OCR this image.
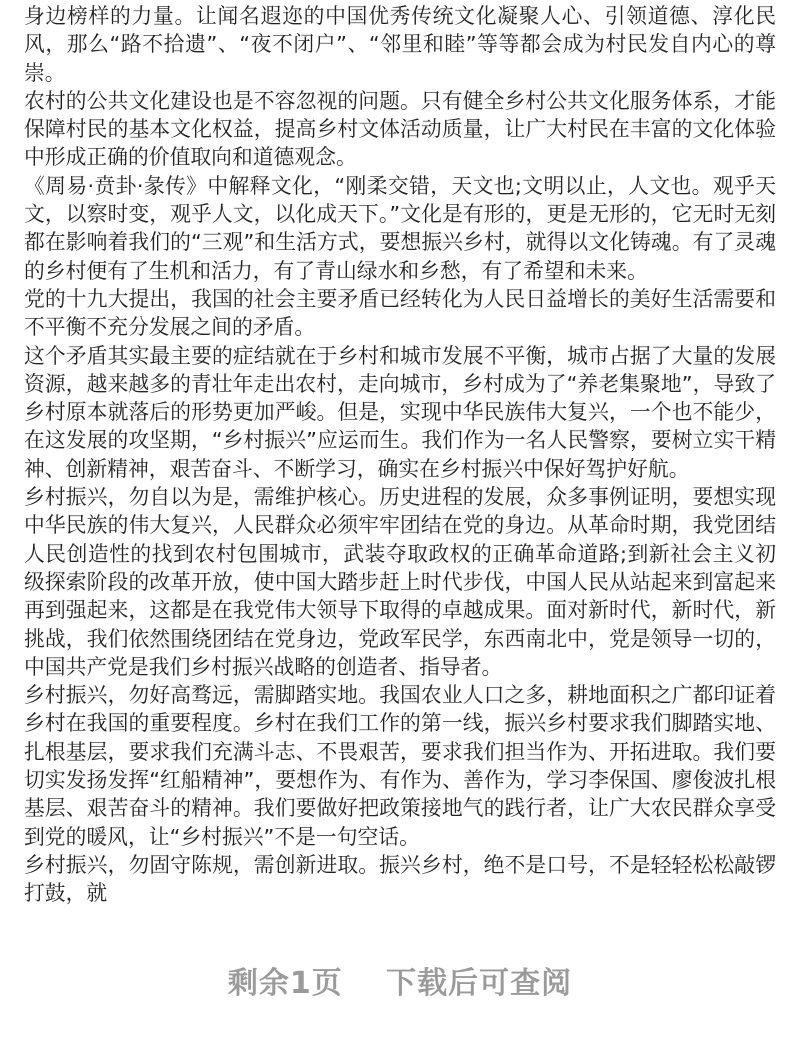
身边榜样的力量。让闻名遐迩的中国优秀传统文化凝聚人心、引领道德、淳化民风，那么“路不拾遗”、“夜不闭户”、“邻里和睦”等等都会成为村民发自内心的尊崇。

农村的公共文化建设也是不容忽视的问题。只有健全乡村公共文化服务体系，才能保障村民的基本文化权益，提高乡村文体活动质量，让广大村民在丰富的文化体验中形成正确的价值取向和道德观念。

《周易·贲卦·彖传》中解释文化，“刚柔交错，天文也;文明以止，人文也。观乎天文，以察时变，观乎人文，以化成天下。”文化是有形的，更是无形的，它无时无刻都在影响着我们的“三观”和生活方式，要想振兴乡村，就得以文化铸魂。有了灵魂的乡村便有了生机和活力，有了青山绿水和乡愁，有了希望和未来。

党的十九大提出，我国的社会主要矛盾已经转化为人民日益增长的美好生活需要和不平衡不充分发展之间的矛盾。

这个矛盾其实最主要的症结就在于乡村和城市发展不平衡，城市占据了大量的发展资源，越来越多的青壮年走出农村，走向城市，乡村成为了“养老集聚地”，导致了乡村原本就落后的形势更加严峻。但是，实现中华民族伟大复兴，一个也不能少，在这发展的攻坚期，“乡村振兴”应运而生。我们作为一名人民警察，要树立实干精神、创新精神，艰苦奋斗、不断学习，确实在乡村振兴中保好驾护好航。

乡村振兴，勿自以为是，需维护核心。历史进程的发展，众多事例证明，要想实现中华民族的伟大复兴，人民群众必须牢牢团结在党的身边。从革命时期，我党团结人民创造性的找到农村包围城市，武装夺取政权的正确革命道路;到新社会主义初级探索阶段的改革开放，使中国大踏步赶上时代步伐，中国人民从站起来到富起来再到强起来，这都是在我党伟大领导下取得的卓越成果。面对新时代，新时代，新挑战，我们依然围绕团结在党身边，党政军民学，东西南北中，党是领导一切的，中国共产党是我们乡村振兴战略的创造者、指导者。

乡村振兴，勿好高骛远，需脚踏实地。我国农业人口之多，耕地面积之广都印证着乡村在我国的重要程度。乡村在我们工作的第一线，振兴乡村要求我们脚踏实地、扎根基层，要求我们充满斗志、不畏艰苦，要求我们担当作为、开拓进取。我们要切实发扬发挥“红船精神”，要想作为、有作为、善作为，学习李保国、廖俊波扎根基层、艰苦奋斗的精神。我们要做好把政策接地气的践行者，让广大农民群众享受到党的暖风，让“乡村振兴”不是一句空话。

乡村振兴，勿固守陈规，需创新进取。振兴乡村，绝不是口号，不是轻轻松松敲锣打鼓，就

剩余1页 下载后可查阅
